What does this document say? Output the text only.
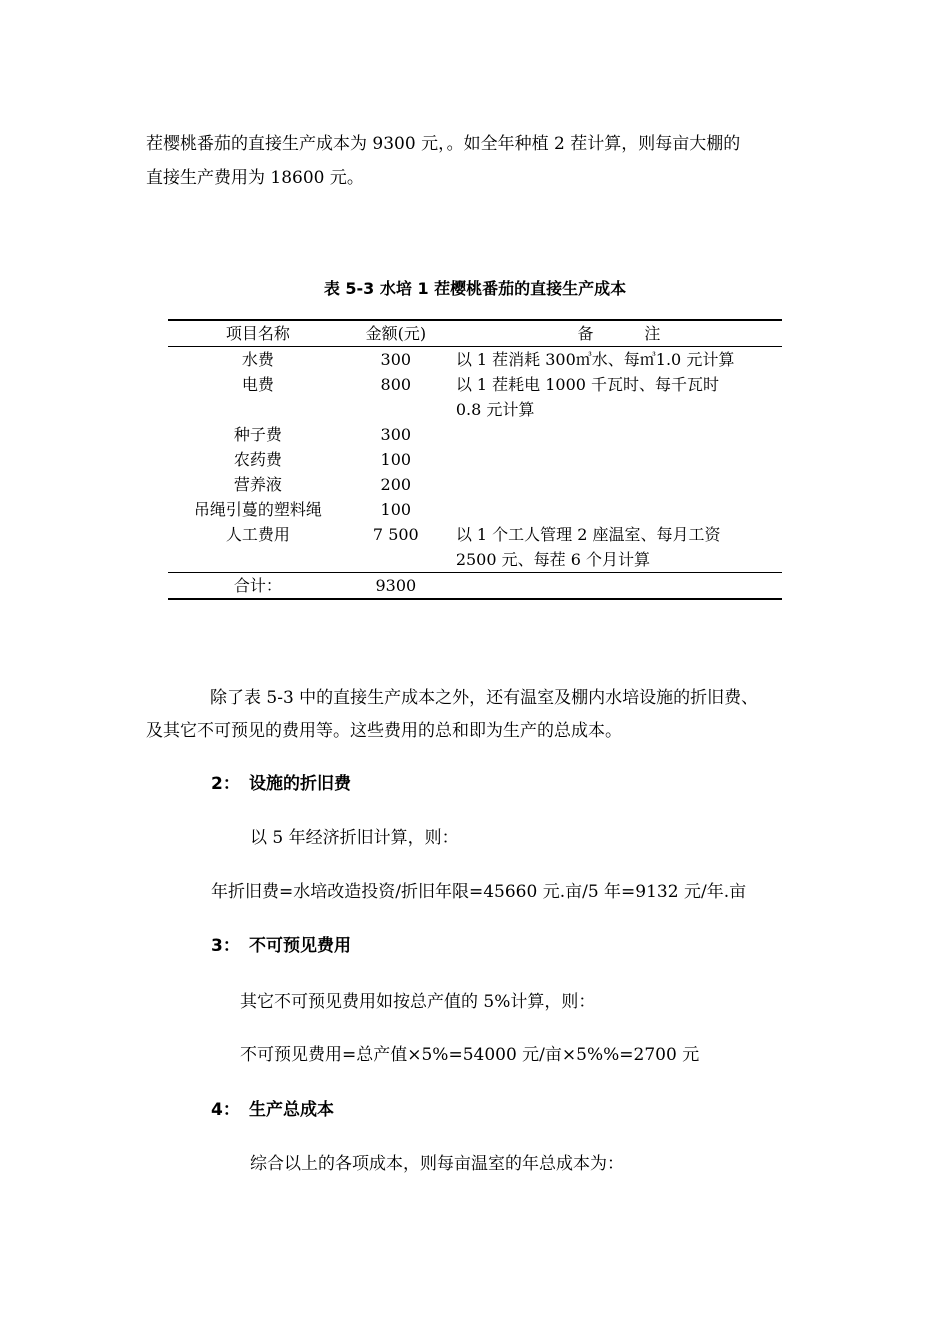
茬樱桃番茄的直接生产成本为 9300 元，。如全年种植 2 茬计算，则每亩大棚的
直接生产费用为 18600 元。
表 5-3 水培 1 茬樱桃番茄的直接生产成本
项目名称	金额(元)	备          注
水费	300	以 1 茬消耗 300㎥水、每㎥1.0 元计算
电费	800	以 1 茬耗电 1000 千瓦时、每千瓦时
0.8 元计算

种子费	300	
农药费	100	
营养液	200	
吊绳引蔓的塑料绳	100	
人工费用	7 500	以 1 个工人管理 2 座温室、每月工资
2500 元、每茬 6 个月计算

合计：	9300	
除了表 5-3 中的直接生产成本之外，还有温室及棚内水培设施的折旧费、
及其它不可预见的费用等。这些费用的总和即为生产的总成本。
2： 设施的折旧费
以 5 年经济折旧计算，则：
年折旧费=水培改造投资/折旧年限=45660 元.亩/5 年=9132 元/年.亩
3： 不可预见费用
其它不可预见费用如按总产值的 5%计算，则：
不可预见费用=总产值×5%=54000 元/亩×5%%=2700 元
4： 生产总成本
综合以上的各项成本，则每亩温室的年总成本为：
